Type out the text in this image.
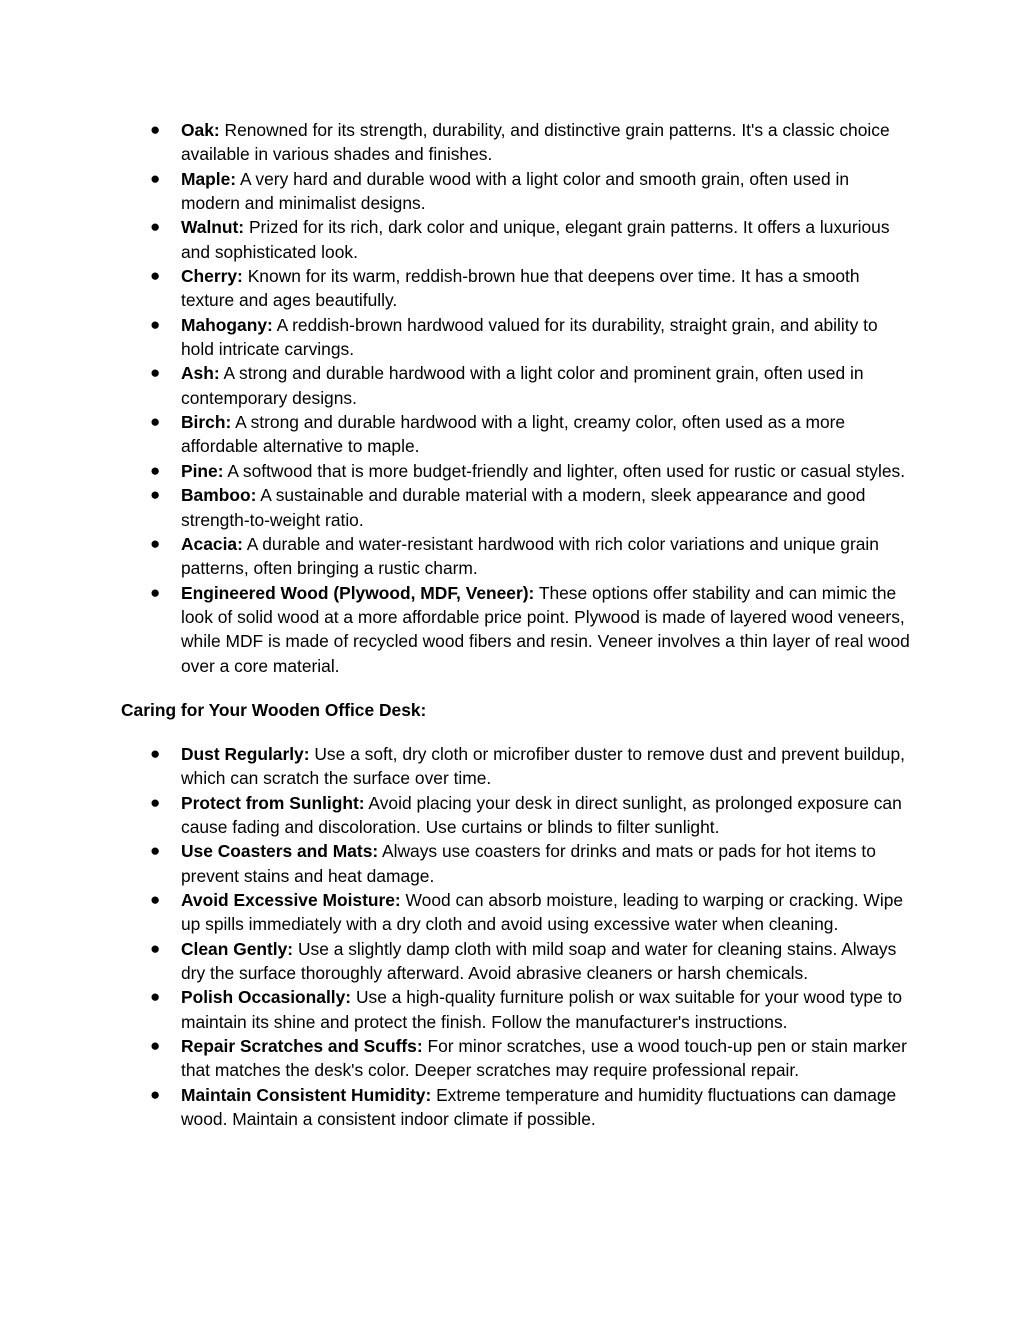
●	Oak: Renowned for its strength, durability, and distinctive grain patterns. It's a classic choice available in various shades and finishes.
●	Maple: A very hard and durable wood with a light color and smooth grain, often used in modern and minimalist designs.
●	Walnut: Prized for its rich, dark color and unique, elegant grain patterns. It offers a luxurious and sophisticated look.
●	Cherry: Known for its warm, reddish-brown hue that deepens over time. It has a smooth texture and ages beautifully.
●	Mahogany: A reddish-brown hardwood valued for its durability, straight grain, and ability to hold intricate carvings.
●	Ash: A strong and durable hardwood with a light color and prominent grain, often used in contemporary designs.
●	Birch: A strong and durable hardwood with a light, creamy color, often used as a more affordable alternative to maple.
●	Pine: A softwood that is more budget-friendly and lighter, often used for rustic or casual styles.
●	Bamboo: A sustainable and durable material with a modern, sleek appearance and good strength-to-weight ratio.
●	Acacia: A durable and water-resistant hardwood with rich color variations and unique grain patterns, often bringing a rustic charm.
●	Engineered Wood (Plywood, MDF, Veneer): These options offer stability and can mimic the look of solid wood at a more affordable price point. Plywood is made of layered wood veneers, while MDF is made of recycled wood fibers and resin. Veneer involves a thin layer of real wood over a core material.
Caring for Your Wooden Office Desk:
●	Dust Regularly: Use a soft, dry cloth or microfiber duster to remove dust and prevent buildup, which can scratch the surface over time.
●	Protect from Sunlight: Avoid placing your desk in direct sunlight, as prolonged exposure can cause fading and discoloration. Use curtains or blinds to filter sunlight.
●	Use Coasters and Mats: Always use coasters for drinks and mats or pads for hot items to prevent stains and heat damage.
●	Avoid Excessive Moisture: Wood can absorb moisture, leading to warping or cracking. Wipe up spills immediately with a dry cloth and avoid using excessive water when cleaning.
●	Clean Gently: Use a slightly damp cloth with mild soap and water for cleaning stains. Always dry the surface thoroughly afterward. Avoid abrasive cleaners or harsh chemicals.
●	Polish Occasionally: Use a high-quality furniture polish or wax suitable for your wood type to maintain its shine and protect the finish. Follow the manufacturer's instructions.
●	Repair Scratches and Scuffs: For minor scratches, use a wood touch-up pen or stain marker that matches the desk's color. Deeper scratches may require professional repair.
●	Maintain Consistent Humidity: Extreme temperature and humidity fluctuations can damage wood. Maintain a consistent indoor climate if possible.
